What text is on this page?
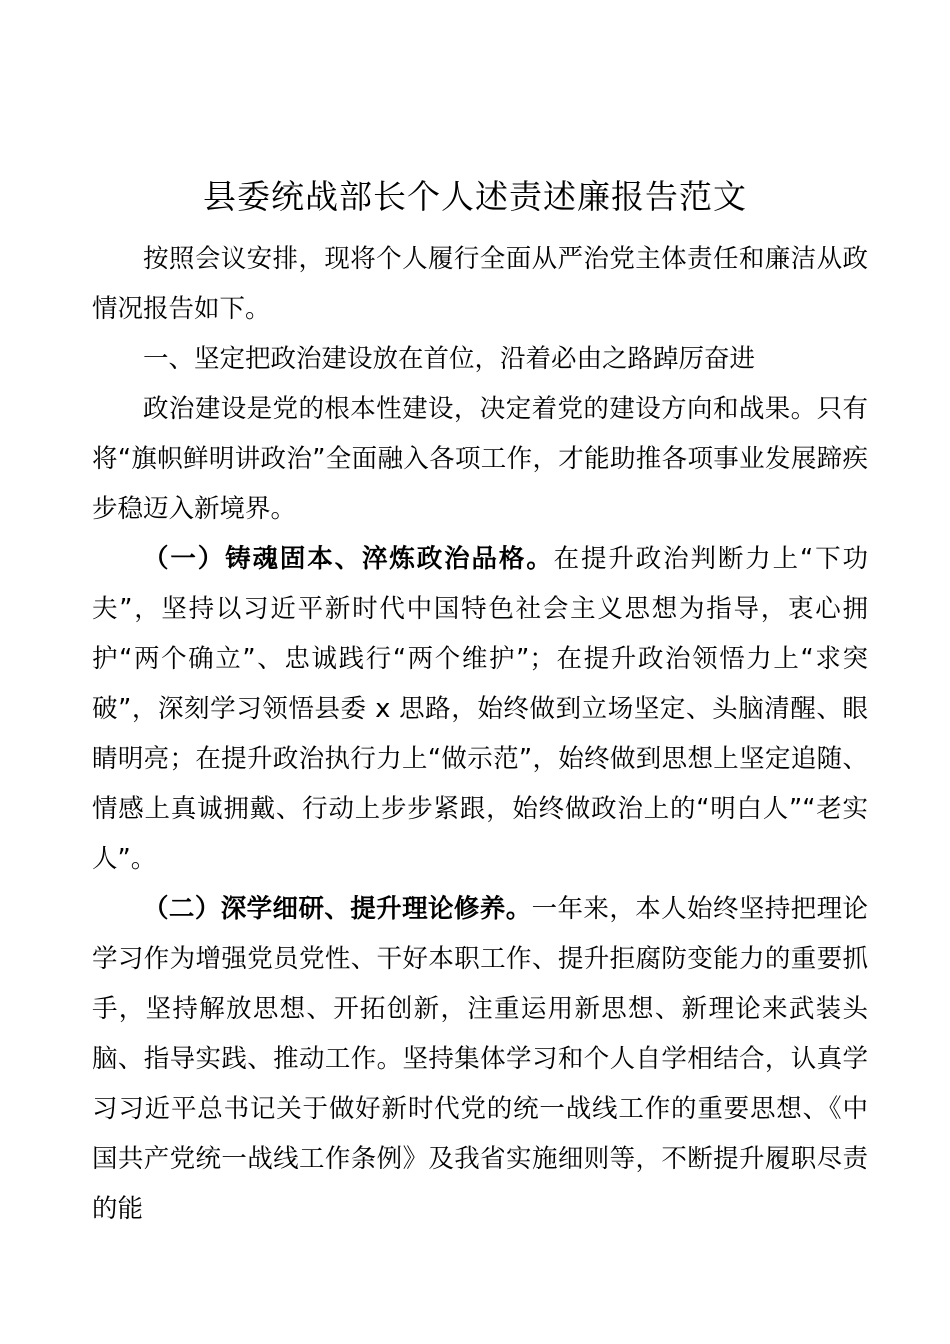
县委统战部长个人述责述廉报告范文

按照会议安排，现将个人履行全面从严治党主体责任和廉洁从政情况报告如下。

一、坚定把政治建设放在首位，沿着必由之路踔厉奋进

政治建设是党的根本性建设，决定着党的建设方向和战果。只有将“旗帜鲜明讲政治”全面融入各项工作，才能助推各项事业发展蹄疾步稳迈入新境界。

（一）铸魂固本、淬炼政治品格。在提升政治判断力上“下功夫”，坚持以习近平新时代中国特色社会主义思想为指导，衷心拥护“两个确立”、忠诚践行“两个维护”；在提升政治领悟力上“求突破”，深刻学习领悟县委 x 思路，始终做到立场坚定、头脑清醒、眼睛明亮；在提升政治执行力上“做示范”，始终做到思想上坚定追随、情感上真诚拥戴、行动上步步紧跟，始终做政治上的“明白人”“老实人”。

（二）深学细研、提升理论修养。一年来，本人始终坚持把理论学习作为增强党员党性、干好本职工作、提升拒腐防变能力的重要抓手，坚持解放思想、开拓创新，注重运用新思想、新理论来武装头脑、指导实践、推动工作。坚持集体学习和个人自学相结合，认真学习习近平总书记关于做好新时代党的统一战线工作的重要思想、《中国共产党统一战线工作条例》及我省实施细则等，不断提升履职尽责的能
